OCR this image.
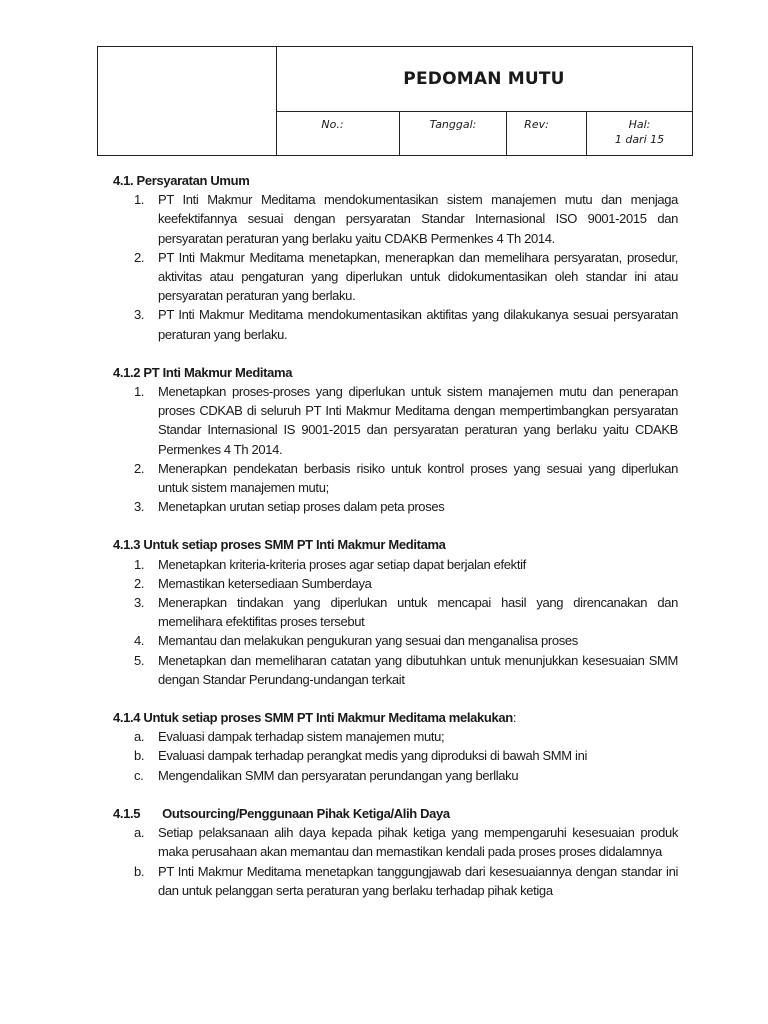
PEDOMAN MUTU
No.:	Tanggal:	Rev:	Hal:
1 dari 15
4.1. Persyaratan Umum
1.	PT Inti Makmur Meditama mendokumentasikan sistem manajemen mutu dan menjaga keefektifannya sesuai dengan persyaratan Standar Internasional ISO 9001-2015 dan persyaratan peraturan yang berlaku yaitu CDAKB Permenkes 4 Th 2014.
2.	PT Inti Makmur Meditama menetapkan, menerapkan dan memelihara persyaratan, prosedur, aktivitas atau pengaturan yang diperlukan untuk didokumentasikan oleh standar ini atau persyaratan peraturan yang berlaku.
3.	PT Inti Makmur Meditama mendokumentasikan aktifitas yang dilakukanya sesuai persyaratan peraturan yang berlaku.
4.1.2 PT Inti Makmur Meditama
1.	Menetapkan proses-proses yang diperlukan untuk sistem manajemen mutu dan penerapan proses CDKAB di seluruh PT Inti Makmur Meditama dengan mempertimbangkan persyaratan Standar Internasional IS 9001-2015 dan persyaratan peraturan yang berlaku yaitu CDAKB Permenkes 4 Th 2014.
2.	Menerapkan pendekatan berbasis risiko untuk kontrol proses yang sesuai yang diperlukan untuk sistem manajemen mutu;
3.	Menetapkan urutan setiap proses dalam peta proses
4.1.3 Untuk setiap proses SMM PT Inti Makmur Meditama
1.	Menetapkan kriteria-kriteria proses agar setiap dapat berjalan efektif
2.	Memastikan ketersediaan Sumberdaya
3.	Menerapkan tindakan yang diperlukan untuk mencapai hasil yang direncanakan dan memelihara efektifitas proses tersebut
4.	Memantau dan melakukan pengukuran yang sesuai dan menganalisa proses
5.	Menetapkan dan memeliharan catatan yang dibutuhkan untuk menunjukkan kesesuaian SMM dengan Standar Perundang-undangan terkait
4.1.4 Untuk setiap proses SMM PT Inti Makmur Meditama melakukan:
a.	Evaluasi dampak terhadap sistem manajemen mutu;
b.	Evaluasi dampak terhadap perangkat medis yang diproduksi di bawah SMM ini
c.	Mengendalikan SMM dan persyaratan perundangan yang berllaku
4.1.5 Outsourcing/Penggunaan Pihak Ketiga/Alih Daya
a.	Setiap pelaksanaan alih daya kepada pihak ketiga yang mempengaruhi kesesuaian produk maka perusahaan akan memantau dan memastikan kendali pada proses proses didalamnya
b.	PT Inti Makmur Meditama menetapkan tanggungjawab dari kesesuaiannya dengan standar ini dan untuk pelanggan serta peraturan yang berlaku terhadap pihak ketiga
